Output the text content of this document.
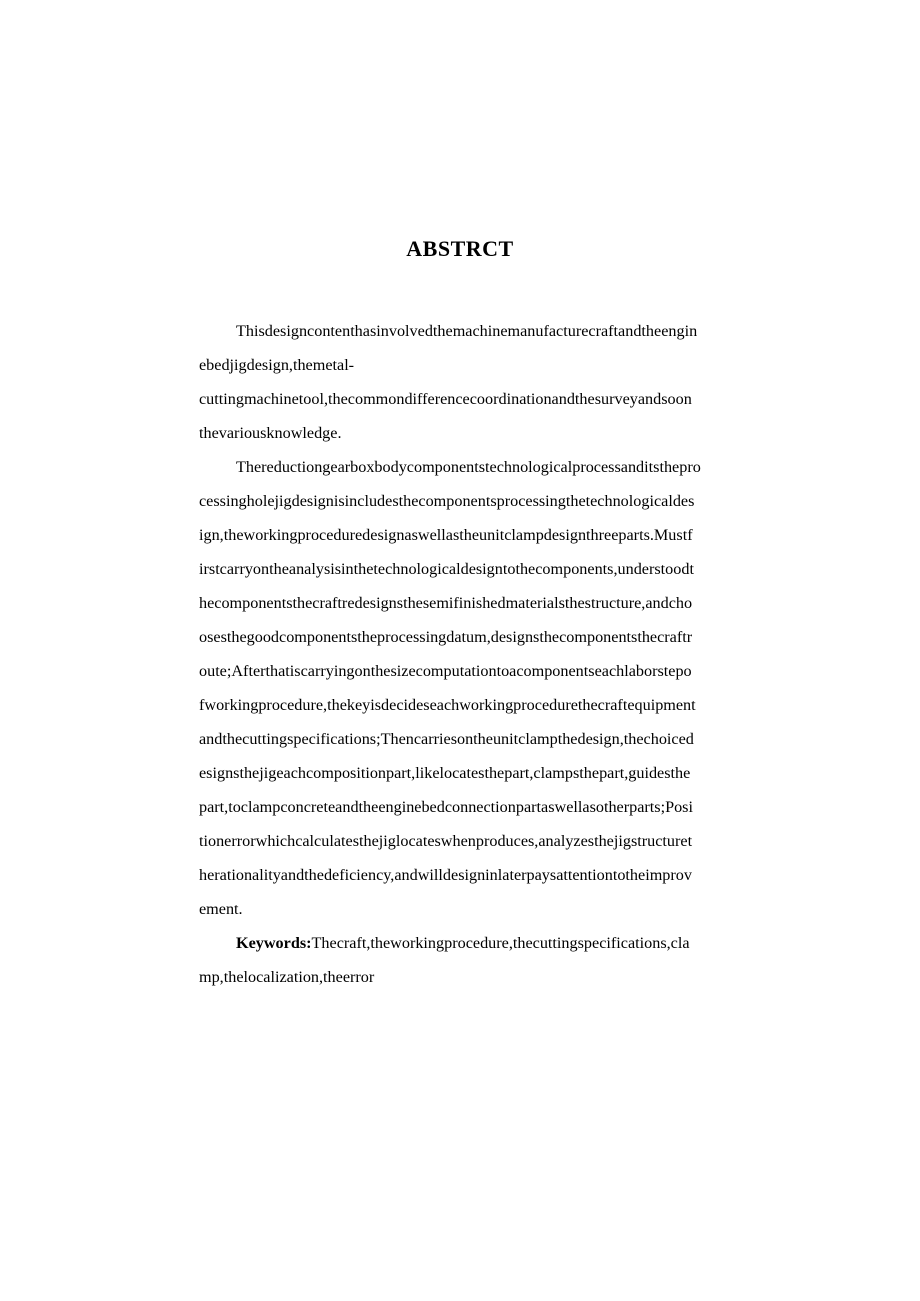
ABSTRCT
Thisdesigncontenthasinvolvedthemachinemanufacturecraftandtheengin
ebedjigdesign,themetal-
cuttingmachinetool,thecommondifferencecoordinationandthesurveyandsoon
thevariousknowledge.
Thereductiongearboxbodycomponentstechnologicalprocessanditstheprо
cessingholejigdesignisincludesthecomponentsprocessingthetechnologicaldes
ign,theworkingproceduredesignaswellastheunitclampdesignthreeparts.Mustf
irstcarryontheanalysisinthetechnologicaldesigntothecomponents,understoodt
hecomponentsthecraftredesignsthesemifinishedmaterialsthestructure,andcho
osesthegoodcomponentstheprocessingdatum,designsthecomponentsthecraftr
oute;Afterthatiscarryingonthesizecomputationtoacomponentseachlaborstepo
fworkingprocedure,thekeyisdecideseachworkingprocedurethecraftequipment
andthecuttingspecifications;Thencarriesontheunitclampthedesign,thechoiced
esignsthejigeachcompositionpart,likelocatesthepart,clampsthepart,guidesthe
part,toclampconcreteandtheenginebedconnectionpartaswellasotherparts;Posi
tionerrorwhichcalculatesthejiglocateswhenproduces,analyzesthejigstructuret
herationalityandthedeficiency,andwilldesigninlaterpaysattentiontotheimprov
ement.
Keywords:Thecraft,theworkingprocedure,thecuttingspecifications,cla
mp,thelocalization,theerror
